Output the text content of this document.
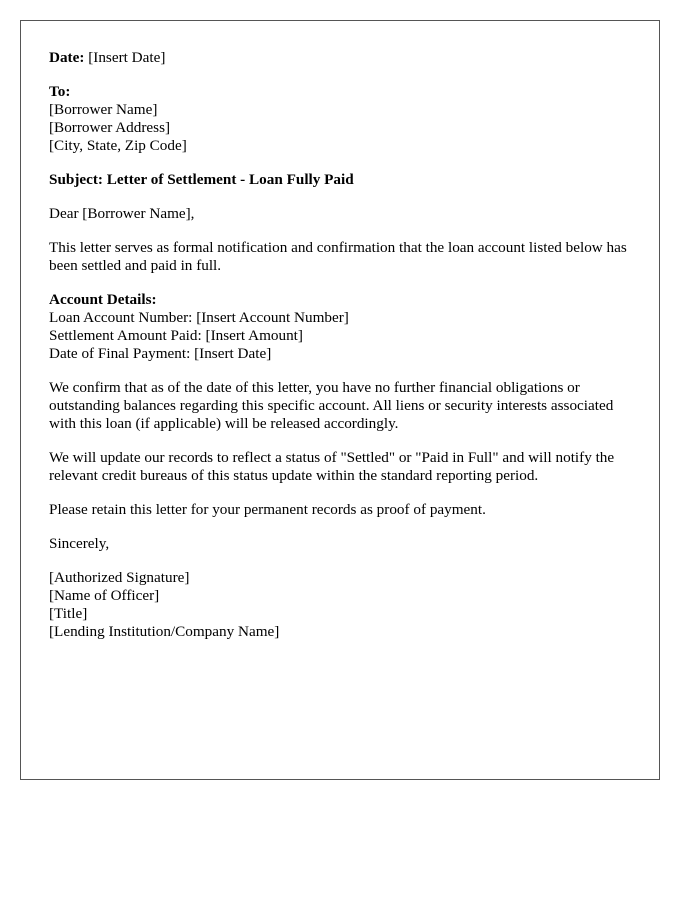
Date: [Insert Date]
To:
[Borrower Name]
[Borrower Address]
[City, State, Zip Code]
Subject: Letter of Settlement - Loan Fully Paid

Dear [Borrower Name],

This letter serves as formal notification and confirmation that the loan account listed below has been settled and paid in full.

Account Details:
Loan Account Number: [Insert Account Number]
Settlement Amount Paid: [Insert Amount]
Date of Final Payment: [Insert Date]

We confirm that as of the date of this letter, you have no further financial obligations or outstanding balances regarding this specific account. All liens or security interests associated with this loan (if applicable) will be released accordingly.

We will update our records to reflect a status of "Settled" or "Paid in Full" and will notify the relevant credit bureaus of this status update within the standard reporting period.

Please retain this letter for your permanent records as proof of payment.

Sincerely,

[Authorized Signature]
[Name of Officer]
[Title]
[Lending Institution/Company Name]
